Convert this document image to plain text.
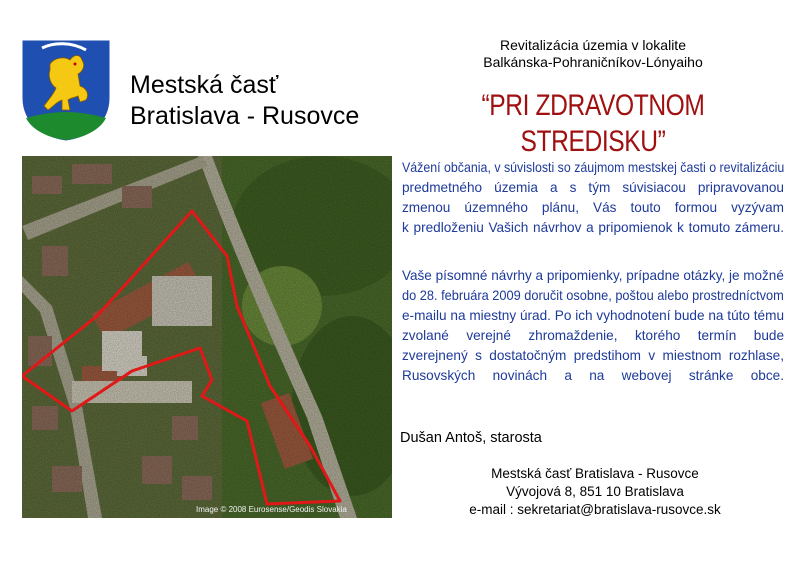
Mestská časť
Bratislava - Rusovce
Revitalizácia územia v lokalite
Balkánska-Pohraničníkov-Lónyaiho
“PRI ZDRAVOTNOM STREDISKU”
Image © 2008 Eurosense/Geodis Slovakia
Vážení občania, v súvislosti so záujmom mestskej časti o revitalizáciu
predmetného územia a s tým súvisiacou pripravovanou
zmenou územného plánu, Vás touto formou vyzývam
k predloženiu Vašich návrhov a pripomienok k tomuto zámeru.
Vaše písomné návrhy a pripomienky, prípadne otázky, je možné
do 28. februára 2009 doručit osobne, poštou alebo prostredníctvom
e-mailu na miestny úrad. Po ich vyhodnotení bude na túto tému
zvolané verejné zhromaždenie, ktorého termín bude
zverejnený s dostatočným predstihom v miestnom rozhlase,
Rusovských novinách a na webovej stránke obce.
Dušan Antoš, starosta
Mestská časť Bratislava - Rusovce
Vývojová 8, 851 10 Bratislava
e-mail : sekretariat@bratislava-rusovce.sk
